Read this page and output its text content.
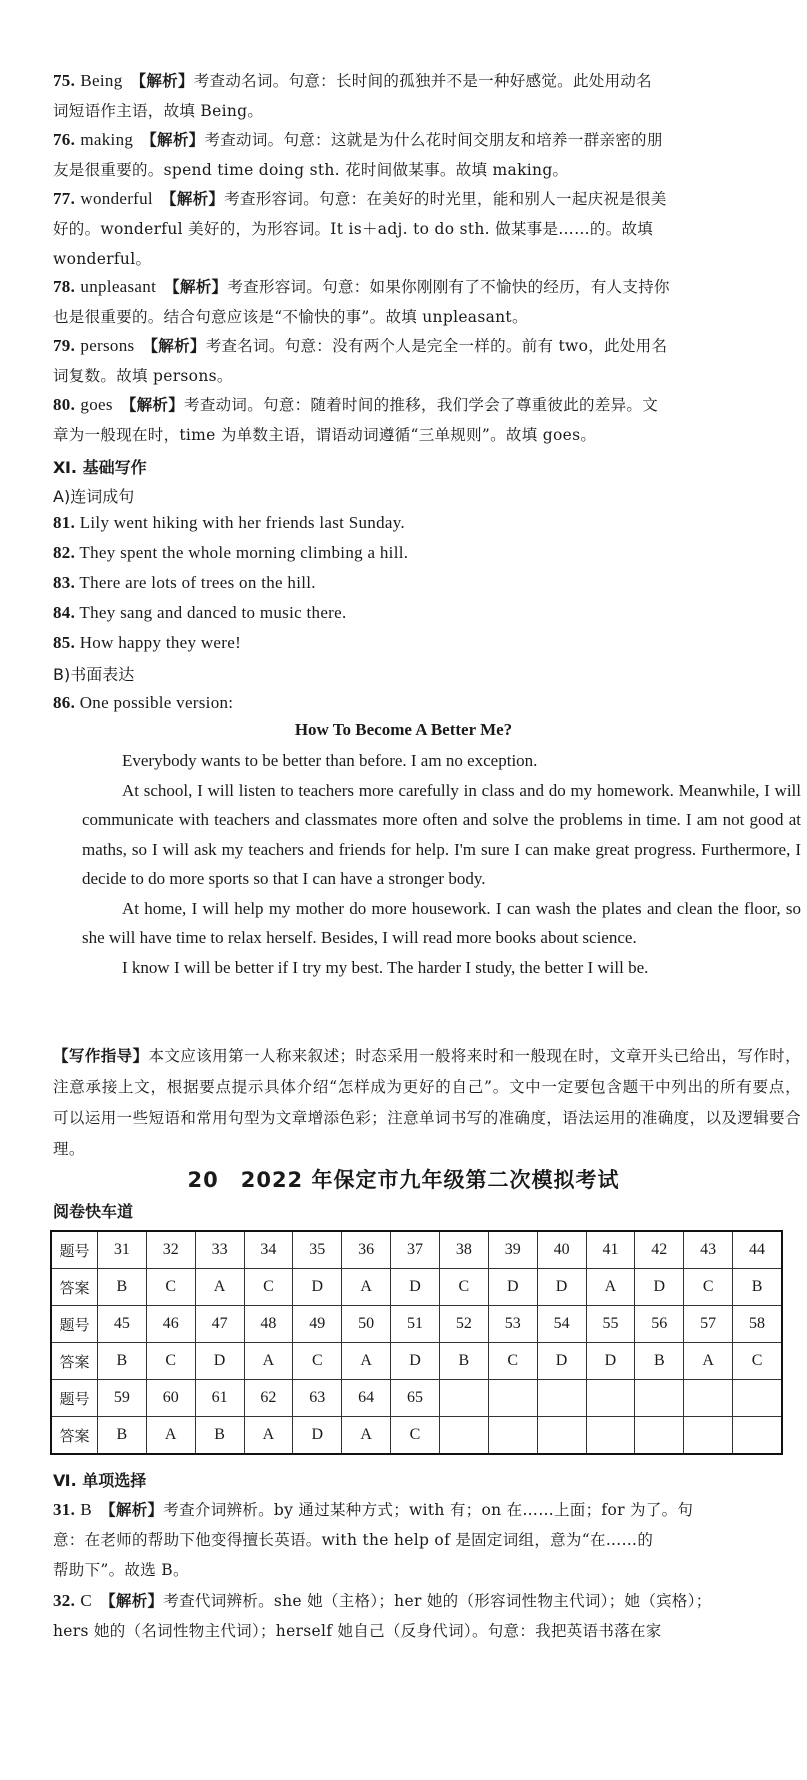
75. Being　 【解析】考查动名词。句意：长时间的孤独并不是一种好感觉。此处用动名
词短语作主语，故填 Being。
76. making　 【解析】考查动词。句意：这就是为什么花时间交朋友和培养一群亲密的朋
友是很重要的。spend time doing sth. 花时间做某事。故填 making。
77. wonderful　 【解析】考查形容词。句意：在美好的时光里，能和别人一起庆祝是很美
好的。wonderful 美好的，为形容词。It is＋adj. to do sth. 做某事是……的。故填
wonderful。
78. unpleasant　 【解析】考查形容词。句意：如果你刚刚有了不愉快的经历，有人支持你
也是很重要的。结合句意应该是“不愉快的事”。故填 unpleasant。
79. persons　 【解析】考查名词。句意：没有两个人是完全一样的。前有 two，此处用名
词复数。故填 persons。
80. goes　 【解析】考查动词。句意：随着时间的推移，我们学会了尊重彼此的差异。文
章为一般现在时，time 为单数主语，谓语动词遵循“三单规则”。故填 goes。
Ⅺ. 基础写作
A)连词成句
81. Lily went hiking with her friends last Sunday.
82. They spent the whole morning climbing a hill.
83. There are lots of trees on the hill.
84. They sang and danced to music there.
85. How happy they were!
B)书面表达
86. One possible version:
How To Become A Better Me?

Everybody wants to be better than before. I am no exception.

At school, I will listen to teachers more carefully in class and do my homework. Meanwhile, I will communicate with teachers and classmates more often and solve the problems in time. I am not good at maths, so I will ask my teachers and friends for help. I'm sure I can make great progress. Furthermore, I decide to do more sports so that I can have a stronger body.

At home, I will help my mother do more housework. I can wash the plates and clean the floor, so she will have time to relax herself. Besides, I will read more books about science.

I know I will be better if I try my best. The harder I study, the better I will be.

【写作指导】本文应该用第一人称来叙述；时态采用一般将来时和一般现在时，文章开头已给出，写作时，注意承接上文，根据要点提示具体介绍“怎样成为更好的自己”。文中一定要包含题干中列出的所有要点，可以运用一些短语和常用句型为文章增添色彩；注意单词书写的准确度，语法运用的准确度，以及逻辑要合理。
20　2022 年保定市九年级第二次模拟考试
阅卷快车道
题号	31	32	33	34	35	36	37	38	39	40	41	42	43	44
答案	B	C	A	C	D	A	D	C	D	D	A	D	C	B
题号	45	46	47	48	49	50	51	52	53	54	55	56	57	58
答案	B	C	D	A	C	A	D	B	C	D	D	B	A	C
题号	59	60	61	62	63	64	65							
答案	B	A	B	A	D	A	C							
Ⅵ. 单项选择
31. B　 【解析】考查介词辨析。by 通过某种方式；with 有；on 在……上面；for 为了。句
意：在老师的帮助下他变得擅长英语。with the help of 是固定词组，意为“在……的
帮助下”。故选 B。
32. C　 【解析】考查代词辨析。she 她（主格）；her 她的（形容词性物主代词）；她（宾格）；
hers 她的（名词性物主代词）；herself 她自己（反身代词）。句意：我把英语书落在家
